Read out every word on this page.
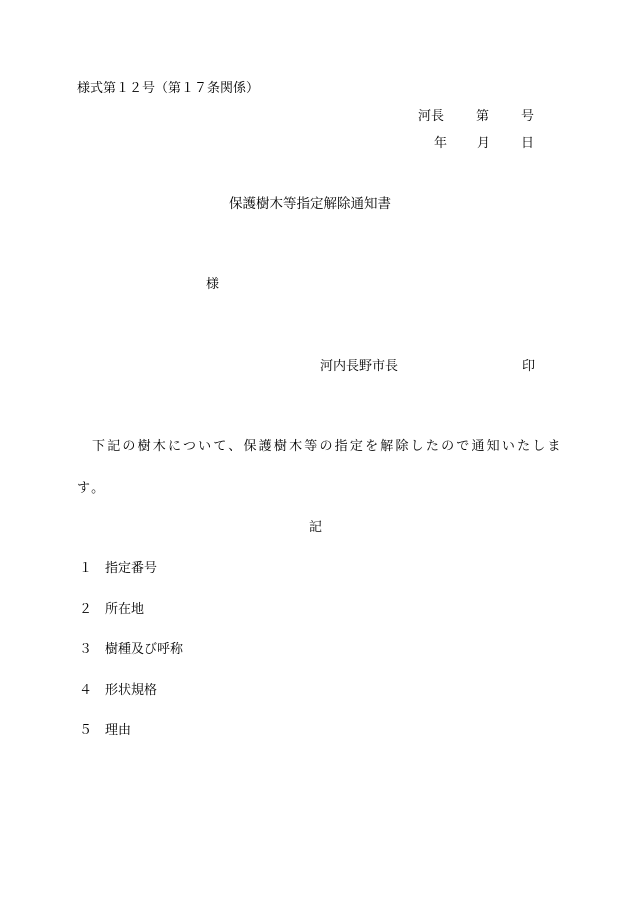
様式第１２号（第１７条関係）
河長 第 号
年 月 日
保護樹木等指定解除通知書
様
河内長野市長	印
下記の樹木について、保護樹木等の指定を解除したので通知いたしま
す。
記
１ 指定番号
２ 所在地
３ 樹種及び呼称
４ 形状規格
５ 理由
